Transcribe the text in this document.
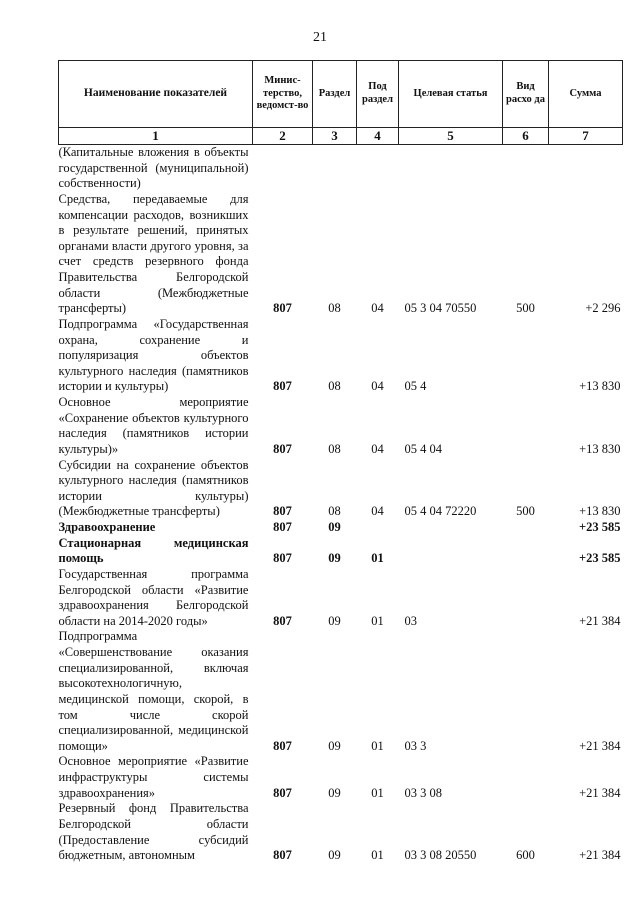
21
Наименование показателей	Минис-терство, ведомст-во	Раздел	Под раздел	Целевая статья	Вид расхо да	Сумма
1	2	3	4	5	6	7
(Капитальные вложения в объекты государственной (муниципальной) собственности)						
Средства, передаваемые для компенсации расходов, возникших в результате решений, принятых органами власти другого уровня, за счет средств резервного фонда Правительства Белгородской области (Межбюджетные трансферты)	807	08	04	05 3 04 70550	500	+2 296
Подпрограмма «Государственная охрана, сохранение и популяризация объектов культурного наследия (памятников истории и культуры)	807	08	04	05 4		+13 830
Основное мероприятие «Сохранение объектов культурного наследия (памятников истории культуры)»	807	08	04	05 4 04		+13 830
Субсидии на сохранение объектов культурного наследия (памятников истории культуры) (Межбюджетные трансферты)	807	08	04	05 4 04 72220	500	+13 830
Здравоохранение	807	09				+23 585
Стационарная медицинская помощь	807	09	01			+23 585
Государственная программа Белгородской области «Развитие здравоохранения Белгородской области на 2014-2020 годы»	807	09	01	03		+21 384
Подпрограмма «Совершенствование оказания специализированной, включая высокотехнологичную, медицинской помощи, скорой, в том числе скорой специализированной, медицинской помощи»	807	09	01	03 3		+21 384
Основное мероприятие «Развитие инфраструктуры системы здравоохранения»	807	09	01	03 3 08		+21 384
Резервный фонд Правительства Белгородской области (Предоставление субсидий бюджетным, автономным	807	09	01	03 3 08 20550	600	+21 384
